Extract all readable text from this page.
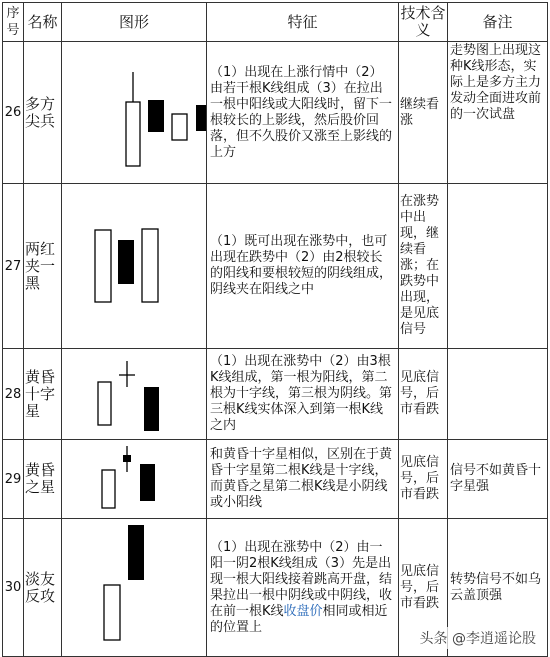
序号	名称	图形	特征	技术含义	备注
26	多方尖兵		（1）出现在上涨行情中（2）由若干根K线组成（3）在拉出一根中阳线或大阳线时，留下一根较长的上影线，然后股价回落，但不久股价又涨至上影线的上方	继续看涨	走势图上出现这种K线形态，实际上是多方主力发动全面进攻前的一次试盘
27	两红夹一黑		（1）既可出现在涨势中，也可出现在跌势中（2）由2根较长的阳线和要根较短的阴线组成，阴线夹在阳线之中	在涨势中出现，继续看涨；在跌势中出现，是见底信号	
28	黄昏十字星		（1）出现在涨势中（2）由3根K线组成，第一根为阳线，第二根为十字线，第三根为阴线。第三根K线实体深入到第一根K线之内	见底信号，后市看跌	
29	黄昏之星		和黄昏十字星相似，区别在于黄昏十字星第二根K线是十字线，而黄昏之星第二根K线是小阴线或小阳线	见底信号，后市看跌	信号不如黄昏十字星强
30	淡友反攻		（1）出现在涨势中（2）由一阳一阴2根K线组成（3）先是出现一根大阳线接着跳高开盘，结果拉出一根中阴线或中阴线，收在前一根K线收盘价相同或相近的位置上	见底信号，后市看跌	转势信号不如乌云盖顶强
头条 @李逍遥论股
